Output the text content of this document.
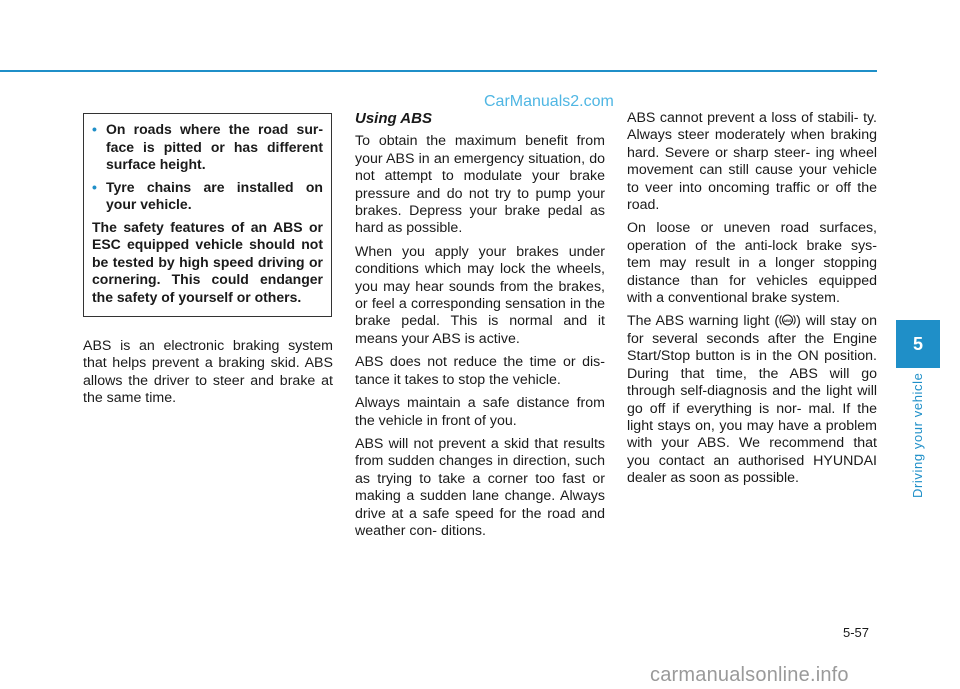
CarManuals2.com
• On roads where the road sur- face is pitted or has different surface height.
• Tyre chains are installed on your vehicle.

The safety features of an ABS or ESC equipped vehicle should not be tested by high speed driving or cornering. This could endanger the safety of yourself or others.

ABS is an electronic braking system that helps prevent a braking skid. ABS allows the driver to steer and brake at the same time.

Using ABS

To obtain the maximum benefit from your ABS in an emergency situation, do not attempt to modulate your brake pressure and do not try to pump your brakes. Depress your brake pedal as hard as possible.

When you apply your brakes under conditions which may lock the wheels, you may hear sounds from the brakes, or feel a corresponding sensation in the brake pedal. This is normal and it means your ABS is active.

ABS does not reduce the time or dis- tance it takes to stop the vehicle.

Always maintain a safe distance from the vehicle in front of you.

ABS will not prevent a skid that results from sudden changes in direction, such as trying to take a corner too fast or making a sudden lane change. Always drive at a safe speed for the road and weather con- ditions.

ABS cannot prevent a loss of stabili- ty. Always steer moderately when braking hard. Severe or sharp steer- ing wheel movement can still cause your vehicle to veer into oncoming traffic or off the road.

On loose or uneven road surfaces, operation of the anti-lock brake sys- tem may result in a longer stopping distance than for vehicles equipped with a conventional brake system.

The ABS warning light ( ABS ) will stay on for several seconds after the Engine Start/Stop button is in the ON position. During that time, the ABS will go through self-diagnosis and the light will go off if everything is nor- mal. If the light stays on, you may have a problem with your ABS. We recommend that you contact an authorised HYUNDAI dealer as soon as possible.

5
Driving your vehicle
5-57
carmanualsonline.info
